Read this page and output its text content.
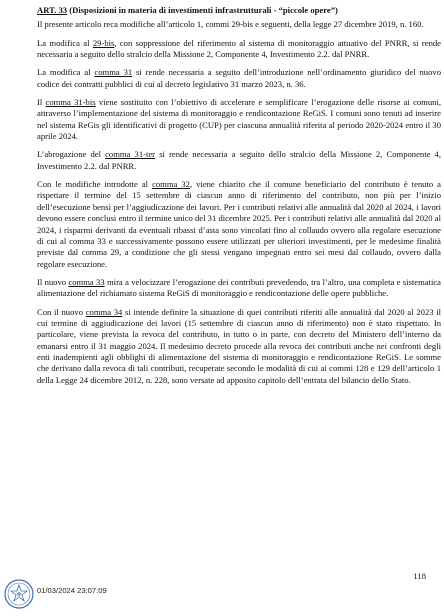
ART. 33 (Disposizioni in materia di investimenti infrastrutturali - “piccole opere”)

Il presente articolo reca modifiche all’articolo 1, commi 29-bis e seguenti, della legge 27 dicembre 2019, n. 160.

La modifica al 29-bis, con soppressione del riferimento al sistema di monitoraggio attuativo del PNRR, si rende necessaria a seguito dello stralcio della Missione 2, Componente 4, Investimento 2.2. dal PNRR.

La modifica al comma 31 si rende necessaria a seguito dell’introduzione nell’ordinamento giuridico del nuovo codice dei contratti pubblici di cui al decreto legislativo 31 marzo 2023, n. 36.

Il comma 31-bis viene sostituito con l’obiettivo di accelerare e semplificare l’erogazione delle risorse ai comuni, attraverso l’implementazione del sistema di monitoraggio e rendicontazione ReGiS. I comuni sono tenuti ad inserire nel sistema ReGis gli identificativi di progetto (CUP) per ciascuna annualità riferita al periodo 2020-2024 entro il 30 aprile 2024.

L’abrogazione del comma 31-ter si rende necessaria a seguito dello stralcio della Missione 2, Componente 4, Investimento 2.2. dal PNRR.

Con le modifiche introdotte al comma 32, viene chiarito che il comune beneficiario del contributo è tenuto a rispettare il termine del 15 settembre di ciascun anno di riferimento del contributo, non più per l’inizio dell’esecuzione bensì per l’aggiudicazione dei lavori. Per i contributi relativi alle annualità dal 2020 al 2024, i lavori devono essere conclusi entro il termine unico del 31 dicembre 2025. Per i contributi relativi alle annualità dal 2020 al 2024, i risparmi derivanti da eventuali ribassi d’asta sono vincolati fino al collaudo ovvero alla regolare esecuzione di cui al comma 33 e successivamente possono essere utilizzati per ulteriori investimenti, per le medesime finalità previste dal comma 29, a condizione che gli stessi vengano impegnati entro sei mesi dal collaudo, ovvero dalla regolare esecuzione.

Il nuovo comma 33 mira a velocizzare l’erogazione dei contributi prevedendo, tra l’altro, una completa e sistematica alimentazione del richiamato sistema ReGiS di monitoraggio e rendicontazione delle opere pubbliche.

Con il nuovo comma 34 si intende definire la situazione di quei contributi riferiti alle annualità dal 2020 al 2023 il cui termine di aggiudicazione dei lavori (15 settembre di ciascun anno di riferimento) non è stato rispettato. In particolare, viene prevista la revoca del contributo, in tutto o in parte, con decreto del Ministero dell’interno da emanarsi entro il 31 maggio 2024. Il medesimo decreto procede alla revoca dei contributi anche nei confronti degli enti inadempienti agli obblighi di alimentazione del sistema di monitoraggio e rendicontazione ReGiS. Le somme che derivano dalla revoca di tali contributi, recuperate secondo le modalità di cui ai commi 128 e 129 dell’articolo 1 della Legge 24 dicembre 2012, n. 228, sono versate ad apposito capitolo dell’entrata del bilancio dello Stato.

118
01/03/2024 23:07:09
